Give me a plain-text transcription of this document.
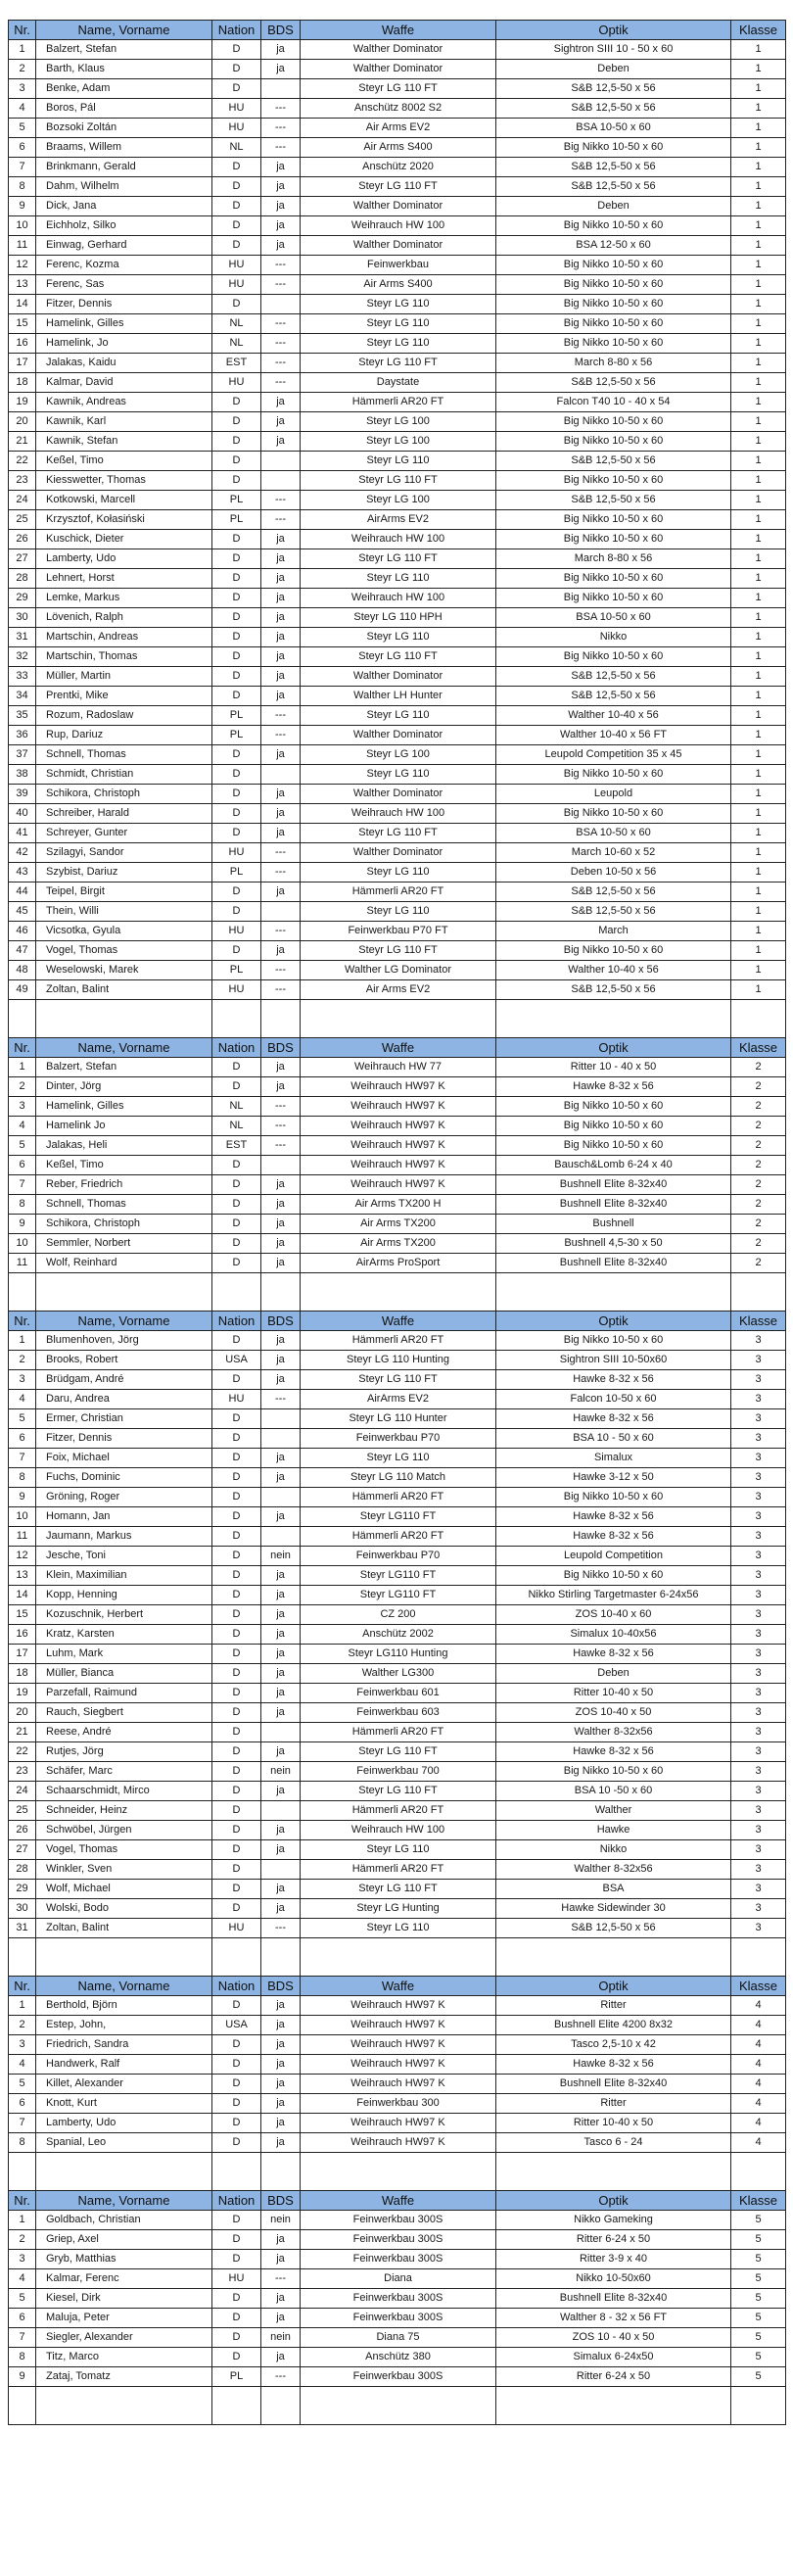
Nr.	Name, Vorname	Nation	BDS	Waffe	Optik	Klasse
1	Balzert, Stefan	D	ja	Walther Dominator	Sightron SIII 10 - 50 x 60	1
2	Barth, Klaus	D	ja	Walther Dominator	Deben	1
3	Benke, Adam	D		Steyr LG 110 FT	S&B 12,5-50 x 56	1
4	Boros, Pál	HU	---	Anschütz 8002 S2	S&B 12,5-50 x 56	1
5	Bozsoki Zoltán	HU	---	Air Arms EV2	BSA 10-50 x 60	1
6	Braams, Willem	NL	---	Air Arms S400	Big Nikko 10-50 x 60	1
7	Brinkmann, Gerald	D	ja	Anschütz 2020	S&B 12,5-50 x 56	1
8	Dahm, Wilhelm	D	ja	Steyr LG 110 FT	S&B 12,5-50 x 56	1
9	Dick, Jana	D	ja	Walther Dominator	Deben	1
10	Eichholz, Silko	D	ja	Weihrauch HW 100	Big Nikko 10-50 x 60	1
11	Einwag, Gerhard	D	ja	Walther Dominator	BSA 12-50 x 60	1
12	Ferenc, Kozma	HU	---	Feinwerkbau	Big Nikko 10-50 x 60	1
13	Ferenc, Sas	HU	---	Air Arms S400	Big Nikko 10-50 x 60	1
14	Fitzer, Dennis	D		Steyr LG 110	Big Nikko 10-50 x 60	1
15	Hamelink, Gilles	NL	---	Steyr LG 110	Big Nikko 10-50 x 60	1
16	Hamelink, Jo	NL	---	Steyr LG 110	Big Nikko 10-50 x 60	1
17	Jalakas, Kaidu	EST	---	Steyr LG 110 FT	March 8-80 x 56	1
18	Kalmar, David	HU	---	Daystate	S&B 12,5-50 x 56	1
19	Kawnik, Andreas	D	ja	Hämmerli AR20 FT	Falcon T40 10 - 40 x 54	1
20	Kawnik, Karl	D	ja	Steyr LG 100	Big Nikko 10-50 x 60	1
21	Kawnik, Stefan	D	ja	Steyr LG 100	Big Nikko 10-50 x 60	1
22	Keßel, Timo	D		Steyr LG 110	S&B 12,5-50 x 56	1
23	Kiesswetter, Thomas	D		Steyr LG 110 FT	Big Nikko 10-50 x 60	1
24	Kotkowski, Marcell	PL	---	Steyr LG 100	S&B 12,5-50 x 56	1
25	Krzysztof, Kołasiński	PL	---	AirArms EV2	Big Nikko 10-50 x 60	1
26	Kuschick, Dieter	D	ja	Weihrauch HW 100	Big Nikko 10-50 x 60	1
27	Lamberty, Udo	D	ja	Steyr LG 110 FT	March 8-80 x 56	1
28	Lehnert, Horst	D	ja	Steyr LG 110	Big Nikko 10-50 x 60	1
29	Lemke, Markus	D	ja	Weihrauch HW 100	Big Nikko 10-50 x 60	1
30	Lövenich, Ralph	D	ja	Steyr LG 110 HPH	BSA 10-50 x 60	1
31	Martschin, Andreas	D	ja	Steyr LG 110	Nikko	1
32	Martschin, Thomas	D	ja	Steyr LG 110 FT	Big Nikko 10-50 x 60	1
33	Müller, Martin	D	ja	Walther Dominator	S&B 12,5-50 x 56	1
34	Prentki, Mike	D	ja	Walther LH Hunter	S&B 12,5-50 x 56	1
35	Rozum, Radoslaw	PL	---	Steyr LG 110	Walther 10-40 x 56	1
36	Rup, Dariuz	PL	---	Walther Dominator	Walther 10-40 x 56 FT	1
37	Schnell, Thomas	D	ja	Steyr LG 100	Leupold Competition 35 x 45	1
38	Schmidt, Christian	D		Steyr LG 110	Big Nikko 10-50 x 60	1
39	Schikora, Christoph	D	ja	Walther Dominator	Leupold	1
40	Schreiber, Harald	D	ja	Weihrauch HW 100	Big Nikko 10-50 x 60	1
41	Schreyer, Gunter	D	ja	Steyr LG 110 FT	BSA 10-50 x 60	1
42	Szilagyi, Sandor	HU	---	Walther Dominator	March 10-60 x 52	1
43	Szybist, Dariuz	PL	---	Steyr LG 110	Deben 10-50 x 56	1
44	Teipel, Birgit	D	ja	Hämmerli AR20 FT	S&B 12,5-50 x 56	1
45	Thein, Willi	D		Steyr LG 110	S&B 12,5-50 x 56	1
46	Vicsotka, Gyula	HU	---	Feinwerkbau P70 FT	March	1
47	Vogel, Thomas	D	ja	Steyr LG 110 FT	Big Nikko 10-50 x 60	1
48	Weselowski, Marek	PL	---	Walther LG Dominator	Walther 10-40 x 56	1
49	Zoltan, Balint	HU	---	Air Arms EV2	S&B 12,5-50 x 56	1

Nr.	Name, Vorname	Nation	BDS	Waffe	Optik	Klasse
1	Balzert, Stefan	D	ja	Weihrauch HW 77	Ritter 10 - 40 x 50	2
2	Dinter, Jörg	D	ja	Weihrauch HW97 K	Hawke 8-32 x 56	2
3	Hamelink, Gilles	NL	---	Weihrauch HW97 K	Big Nikko 10-50 x 60	2
4	Hamelink Jo	NL	---	Weihrauch HW97 K	Big Nikko 10-50 x 60	2
5	Jalakas, Heli	EST	---	Weihrauch HW97 K	Big Nikko 10-50 x 60	2
6	Keßel, Timo	D		Weihrauch HW97 K	Bausch&Lomb 6-24 x 40	2
7	Reber, Friedrich	D	ja	Weihrauch HW97 K	Bushnell Elite 8-32x40	2
8	Schnell, Thomas	D	ja	Air Arms TX200 H	Bushnell Elite 8-32x40	2
9	Schikora, Christoph	D	ja	Air Arms TX200	Bushnell	2
10	Semmler, Norbert	D	ja	Air Arms TX200	Bushnell 4,5-30 x 50	2
11	Wolf, Reinhard	D	ja	AirArms ProSport	Bushnell Elite 8-32x40	2

Nr.	Name, Vorname	Nation	BDS	Waffe	Optik	Klasse
1	Blumenhoven, Jörg	D	ja	Hämmerli AR20 FT	Big Nikko 10-50 x 60	3
2	Brooks, Robert	USA	ja	Steyr LG 110 Hunting	Sightron SIII 10-50x60	3
3	Brüdgam, André	D	ja	Steyr LG 110 FT	Hawke 8-32 x 56	3
4	Daru, Andrea	HU	---	AirArms EV2	Falcon 10-50 x 60	3
5	Ermer, Christian	D		Steyr LG 110 Hunter	Hawke 8-32 x 56	3
6	Fitzer, Dennis	D		Feinwerkbau P70	BSA 10 - 50 x 60	3
7	Foix, Michael	D	ja	Steyr LG 110	Simalux	3
8	Fuchs, Dominic	D	ja	Steyr LG 110 Match	Hawke 3-12 x 50	3
9	Gröning, Roger	D		Hämmerli AR20 FT	Big Nikko 10-50 x 60	3
10	Homann, Jan	D	ja	Steyr LG110 FT	Hawke 8-32 x 56	3
11	Jaumann, Markus	D		Hämmerli AR20 FT	Hawke 8-32 x 56	3
12	Jesche, Toni	D	nein	Feinwerkbau P70	Leupold Competition	3
13	Klein, Maximilian	D	ja	Steyr LG110 FT	Big Nikko 10-50 x 60	3
14	Kopp, Henning	D	ja	Steyr LG110 FT	Nikko Stirling Targetmaster 6-24x56	3
15	Kozuschnik, Herbert	D	ja	CZ 200	ZOS 10-40 x 60	3
16	Kratz, Karsten	D	ja	Anschütz 2002	Simalux 10-40x56	3
17	Luhm, Mark	D	ja	Steyr LG110 Hunting	Hawke 8-32 x 56	3
18	Müller, Bianca	D	ja	Walther LG300	Deben	3
19	Parzefall, Raimund	D	ja	Feinwerkbau 601	Ritter 10-40 x 50	3
20	Rauch, Siegbert	D	ja	Feinwerkbau 603	ZOS 10-40 x 50	3
21	Reese, André	D		Hämmerli AR20 FT	Walther 8-32x56	3
22	Rutjes, Jörg	D	ja	Steyr LG 110 FT	Hawke 8-32 x 56	3
23	Schäfer, Marc	D	nein	Feinwerkbau 700	Big Nikko 10-50 x 60	3
24	Schaarschmidt, Mirco	D	ja	Steyr LG 110 FT	BSA 10 -50 x 60	3
25	Schneider, Heinz	D		Hämmerli AR20 FT	Walther	3
26	Schwöbel, Jürgen	D	ja	Weihrauch HW 100	Hawke	3
27	Vogel, Thomas	D	ja	Steyr LG 110	Nikko	3
28	Winkler, Sven	D		Hämmerli AR20 FT	Walther 8-32x56	3
29	Wolf, Michael	D	ja	Steyr LG 110 FT	BSA	3
30	Wolski, Bodo	D	ja	Steyr LG Hunting	Hawke Sidewinder 30	3
31	Zoltan, Balint	HU	---	Steyr LG 110	S&B 12,5-50 x 56	3

Nr.	Name, Vorname	Nation	BDS	Waffe	Optik	Klasse
1	Berthold, Björn	D	ja	Weihrauch HW97 K	Ritter	4
2	Estep, John,	USA	ja	Weihrauch HW97 K	Bushnell Elite 4200 8x32	4
3	Friedrich, Sandra	D	ja	Weihrauch HW97 K	Tasco 2,5-10 x 42	4
4	Handwerk, Ralf	D	ja	Weihrauch HW97 K	Hawke 8-32 x 56	4
5	Killet, Alexander	D	ja	Weihrauch HW97 K	Bushnell Elite 8-32x40	4
6	Knott, Kurt	D	ja	Feinwerkbau 300	Ritter	4
7	Lamberty, Udo	D	ja	Weihrauch HW97 K	Ritter 10-40 x 50	4
8	Spanial, Leo	D	ja	Weihrauch HW97 K	Tasco 6 - 24	4

Nr.	Name, Vorname	Nation	BDS	Waffe	Optik	Klasse
1	Goldbach, Christian	D	nein	Feinwerkbau 300S	Nikko Gameking	5
2	Griep, Axel	D	ja	Feinwerkbau 300S	Ritter 6-24 x 50	5
3	Gryb, Matthias	D	ja	Feinwerkbau 300S	Ritter 3-9 x 40	5
4	Kalmar, Ferenc	HU	---	Diana	Nikko 10-50x60	5
5	Kiesel, Dirk	D	ja	Feinwerkbau 300S	Bushnell Elite 8-32x40	5
6	Maluja, Peter	D	ja	Feinwerkbau 300S	Walther 8 - 32 x 56 FT	5
7	Siegler, Alexander	D	nein	Diana 75	ZOS 10 - 40 x 50	5
8	Titz, Marco	D	ja	Anschütz 380	Simalux 6-24x50	5
9	Zataj, Tomatz	PL	---	Feinwerkbau 300S	Ritter 6-24 x 50	5
